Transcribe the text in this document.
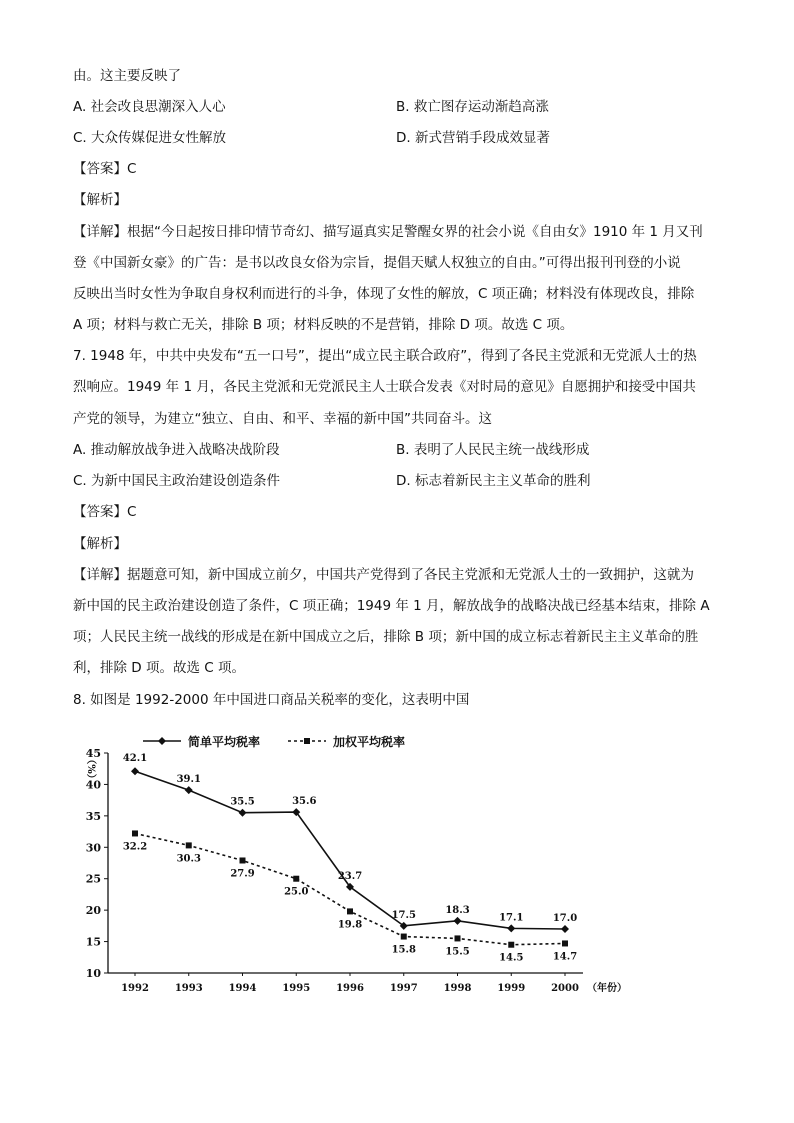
由。这主要反映了
A. 社会改良思潮深入人心	B. 救亡图存运动渐趋高涨
C. 大众传媒促进女性解放	D. 新式营销手段成效显著
【答案】C
【解析】
【详解】根据“今日起按日排印情节奇幻、描写逼真实足警醒女界的社会小说《自由女》1910 年 1 月又刊
登《中国新女豪》的广告：是书以改良女俗为宗旨，提倡天赋人权独立的自由。”可得出报刊刊登的小说
反映出当时女性为争取自身权利而进行的斗争，体现了女性的解放，C 项正确；材料没有体现改良，排除
A 项；材料与救亡无关，排除 B 项；材料反映的不是营销，排除 D 项。故选 C 项。
7. 1948 年，中共中央发布“五一口号”，提出“成立民主联合政府”，得到了各民主党派和无党派人士的热
烈响应。1949 年 1 月，各民主党派和无党派民主人士联合发表《对时局的意见》自愿拥护和接受中国共
产党的领导，为建立“独立、自由、和平、幸福的新中国”共同奋斗。这
A. 推动解放战争进入战略决战阶段	B. 表明了人民民主统一战线形成
C. 为新中国民主政治建设创造条件	D. 标志着新民主主义革命的胜利
【答案】C
【解析】
【详解】据题意可知，新中国成立前夕，中国共产党得到了各民主党派和无党派人士的一致拥护，这就为
新中国的民主政治建设创造了条件，C 项正确；1949 年 1 月，解放战争的战略决战已经基本结束，排除 A
项；人民民主统一战线的形成是在新中国成立之后，排除 B 项；新中国的成立标志着新民主主义革命的胜
利，排除 D 项。故选 C 项。
8. 如图是 1992-2000 年中国进口商品关税率的变化，这表明中国
10
15
20
25
30
35
40
45
（%）
1992	1993	1994	1995	1996	1997	1998	1999	2000 （年份）
42.1
39.1
35.5	35.6
23.7
17.5	18.3
17.1	17.0
32.2
30.3
27.9
25.0
19.8
15.8	15.5
14.5	14.7
简单平均税率	加权平均税率
